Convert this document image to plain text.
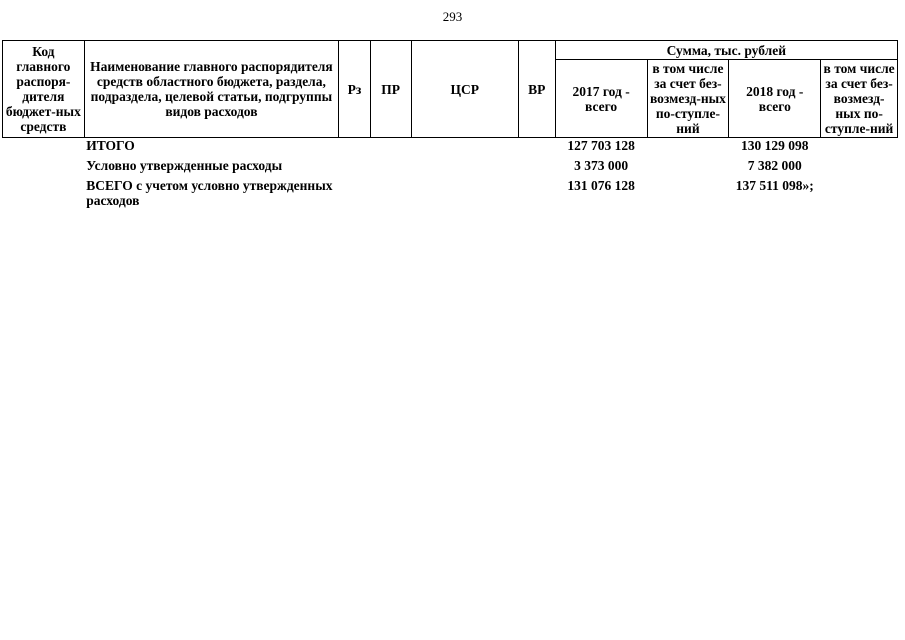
293
Код главного распоря-дителя бюджет-ных средств	Наименование главного распорядителя средств областного бюджета, раздела, подраздела, целевой статьи, подгруппы видов расходов	Рз	ПР	ЦСР	ВР	Сумма, тыс. рублей			
						2017 год - всего	в том числе за счет без-возмезд-ных по-ступле-ний	2018 год - всего	в том числе за счет без-возмезд-ных по-ступле-ний
	ИТОГО					127 703 128		130 129 098	
	Условно утвержденные расходы					3 373 000		7 382 000	
	ВСЕГО с учетом условно утвержденных расходов					131 076 128		137 511 098»;	
